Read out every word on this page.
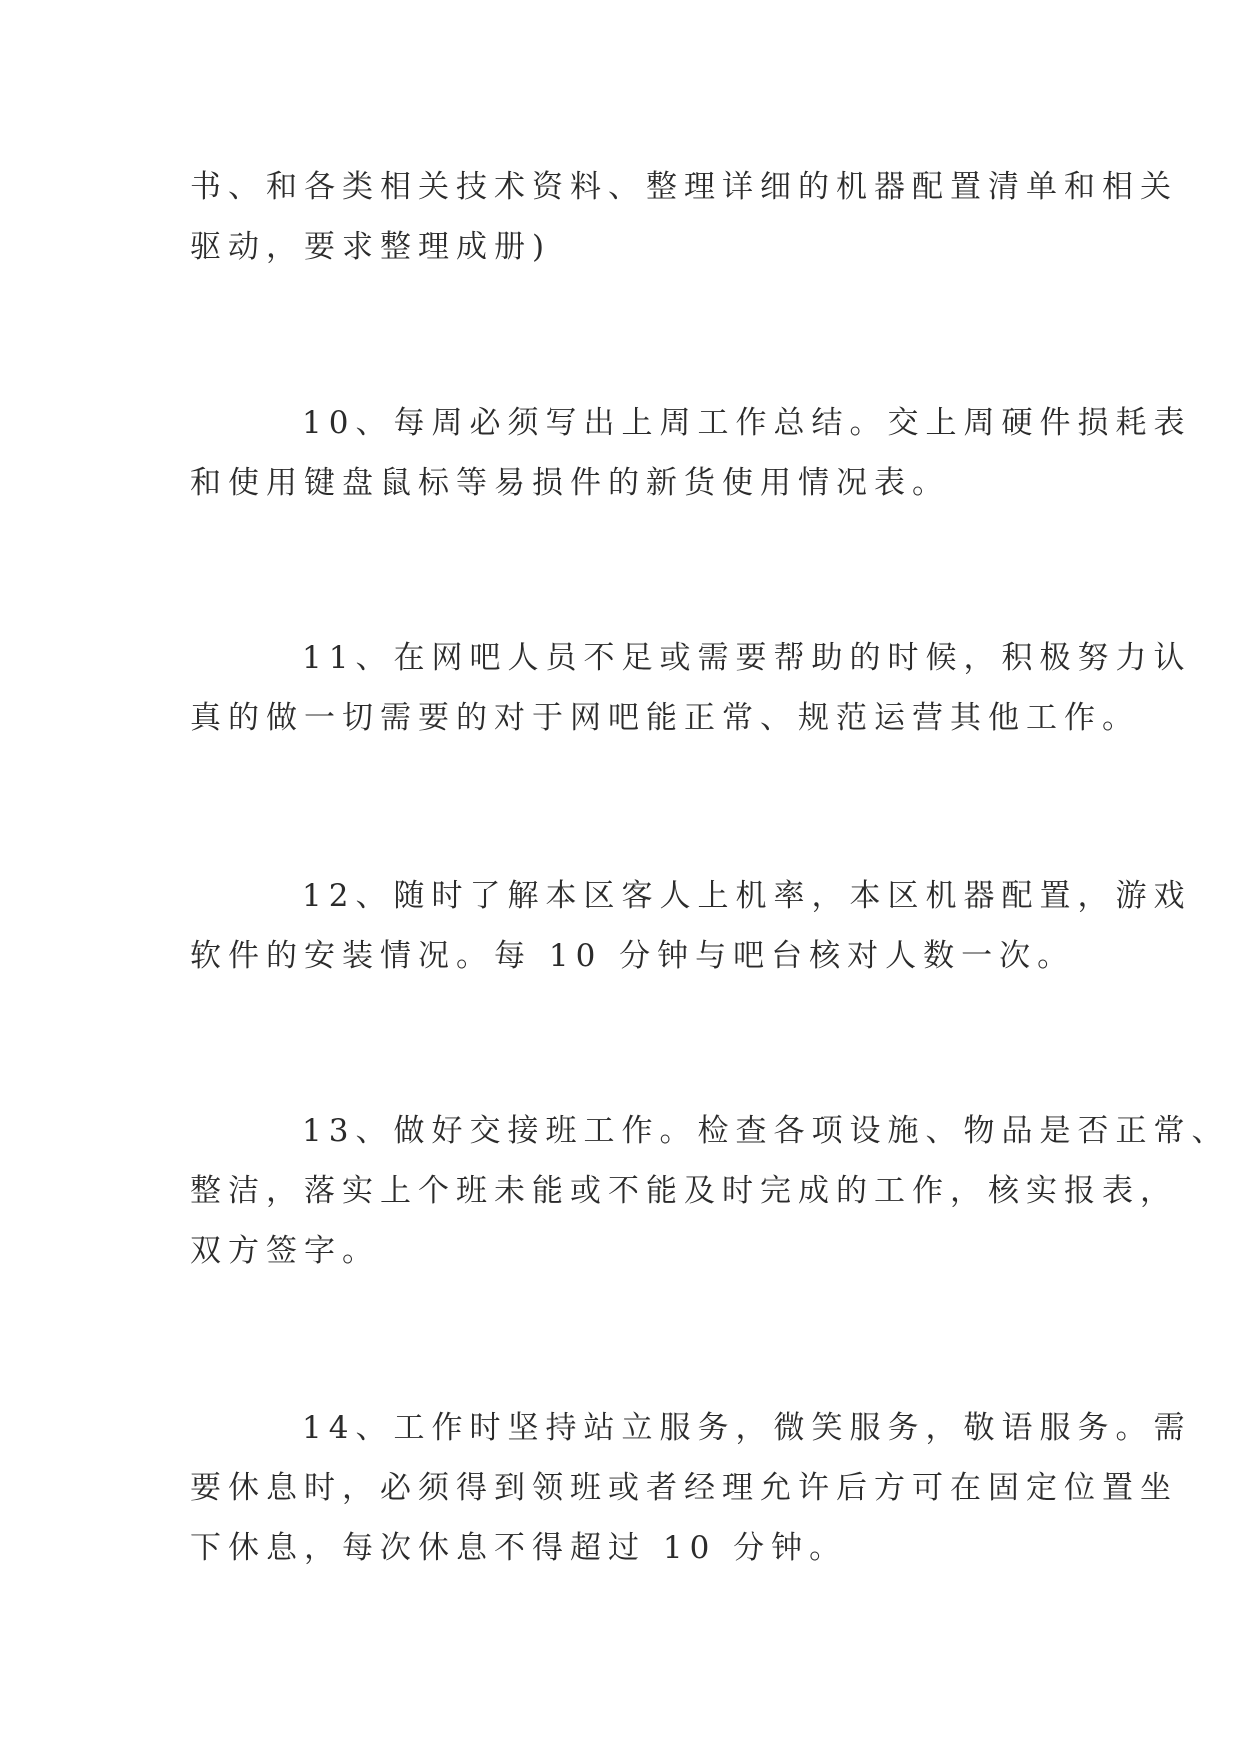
书、和各类相关技术资料、整理详细的机器配置清单和相关
驱动，要求整理成册)
10、每周必须写出上周工作总结。交上周硬件损耗表
和使用键盘鼠标等易损件的新货使用情况表。
11、在网吧人员不足或需要帮助的时候，积极努力认
真的做一切需要的对于网吧能正常、规范运营其他工作。
12、随时了解本区客人上机率，本区机器配置，游戏
软件的安装情况。每 10 分钟与吧台核对人数一次。
13、做好交接班工作。检查各项设施、物品是否正常、
整洁，落实上个班未能或不能及时完成的工作，核实报表，
双方签字。
14、工作时坚持站立服务，微笑服务，敬语服务。需
要休息时，必须得到领班或者经理允许后方可在固定位置坐
下休息，每次休息不得超过 10 分钟。
